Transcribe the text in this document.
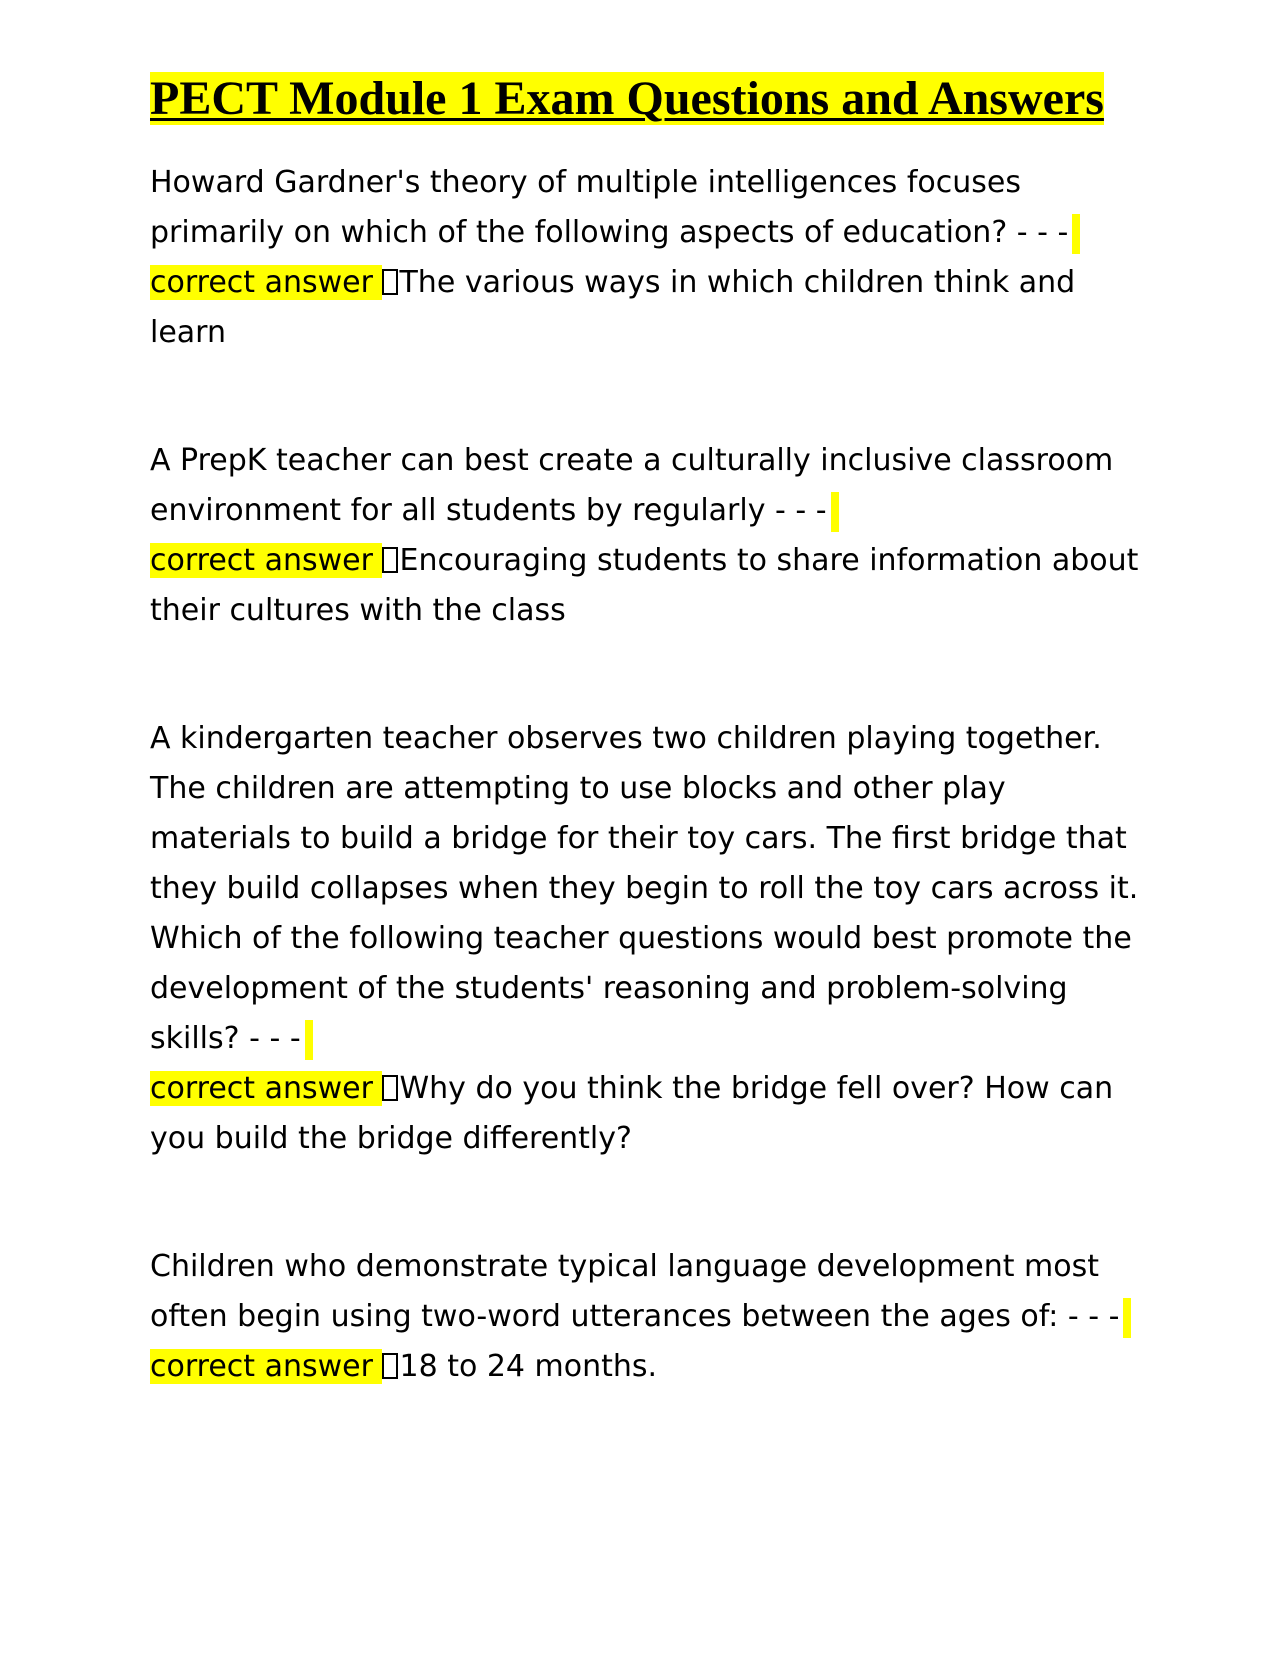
PECT Module 1 Exam Questions and Answers

Howard Gardner's theory of multiple intelligences focuses primarily on which of the following aspects of education? - - -

correct answer The various ways in which children think and learn

A PrepK teacher can best create a culturally inclusive classroom environment for all students by regularly - - -

correct answer Encouraging students to share information about their cultures with the class

A kindergarten teacher observes two children playing together. The children are attempting to use blocks and other play materials to build a bridge for their toy cars. The first bridge that they build collapses when they begin to roll the toy cars across it. Which of the following teacher questions would best promote the development of the students' reasoning and problem-solving skills? - - -

correct answer Why do you think the bridge fell over? How can you build the bridge differently?

Children who demonstrate typical language development most often begin using two-word utterances between the ages of: - - -

correct answer 18 to 24 months.
